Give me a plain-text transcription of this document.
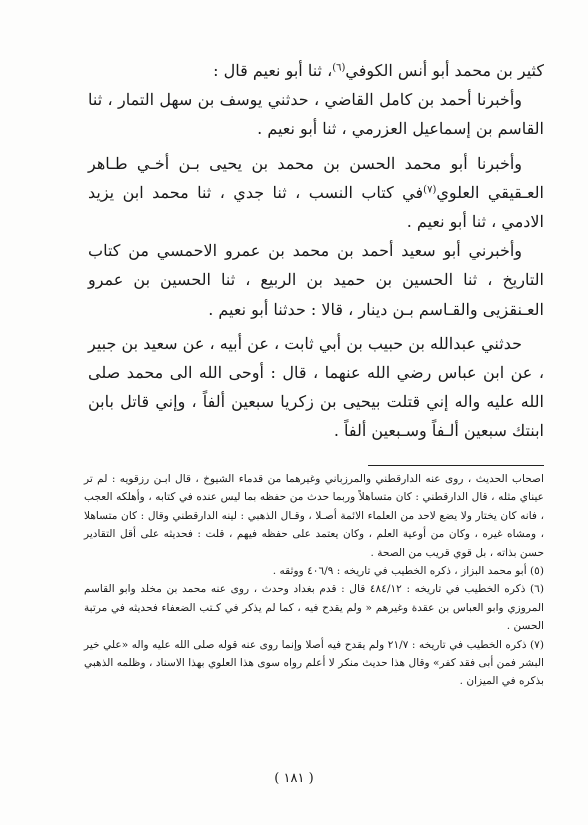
كثير بن محمد أبو أنس الكوفي$^{(٦)}$، ثنا أبو نعيم قال :

وأخبرنا أحمد بن كامل القاضي ، حدثني يوسف بن سهل التمار ، ثنا القاسم بن إسماعيل العزرمي ، ثنا أبو نعيم .

وأخبرنا أبو محمد الحسن بن محمد بن يحيى بـن أخـي طـاهر العـقيقي العلوي$^{(٧)}$في كتاب النسب ، ثنا جدي ، ثنا محمد ابن يزيد الادمي ، ثنا أبو نعيم .

وأخبرني أبو سعيد أحمد بن محمد بن عمرو الاحمسي من كتاب التاريخ ، ثنا الحسين بن حميد بن الربيع ، ثنا الحسين بن عمرو العـنقزيى والقـاسم بـن دينار ، قالا : حدثنا أبو نعيم .

حدثني عبدالله بن حبيب بن أبي ثابت ، عن أبيه ، عن سعيد بن جبير ، عن ابن عباس رضي الله عنهما ، قال : أوحى الله الى محمد صلى الله عليه واله إني قتلت بيحيى بن زكريا سبعين ألفاً ، وإني قاتل بابن ابنتك سبعين ألـفاً وسـبعين ألفاً .

اصحاب الحديث ، روى عنه الدارقطني والمرزباني وغيرهما من قدماء الشيوخ ، قال ابـن رزقويه : لم تر عيناي مثله ، قال الدارقطني : كان متساهلاً وربما حدث من حفظه بما ليس عنده في كتابه ، وأهلكه العجب ، فانه كان يختار ولا يضع لاحد من العلماء الائمة أصـلا ، وقـال الذهبي : لينه الدارقطني وقال : كان متساهلا ، ومشاه غيره ، وكان من أوعية العلم ، وكان يعتمد على حفظه فيهم ، قلت : فحديثه على أقل التقادير حسن بذاته ، بل قوي قريب من الصحة .

(٥) أبو محمد البزاز ، ذكره الخطيب في تاريخه : ٤٠٦/٩ ووثقه .

(٦) ذكره الخطيب في تاريخه : ٤٨٤/١٢ قال : قدم بغداد وحدث ، روى عنه محمد بن مخلد وابو القاسم المروزي وابو العباس بن عقدة وغيرهم « ولم يقدح فيه ، كما لم يذكر في كـتب الضعفاء فحديثه في مرتبة الحسن .

(٧) ذكره الخطيب في تاريخه : ٢١/٧ ولم يقدح فيه أصلا وإنما روى عنه قوله صلى الله عليه واله «علي خير البشر فمن أبى فقد كفر» وقال هذا حديث منكر لا أعلم رواه سوى هذا العلوي بهذا الاسناد ، وظلمه الذهبي بذكره في الميزان .

( ١٨١ )
